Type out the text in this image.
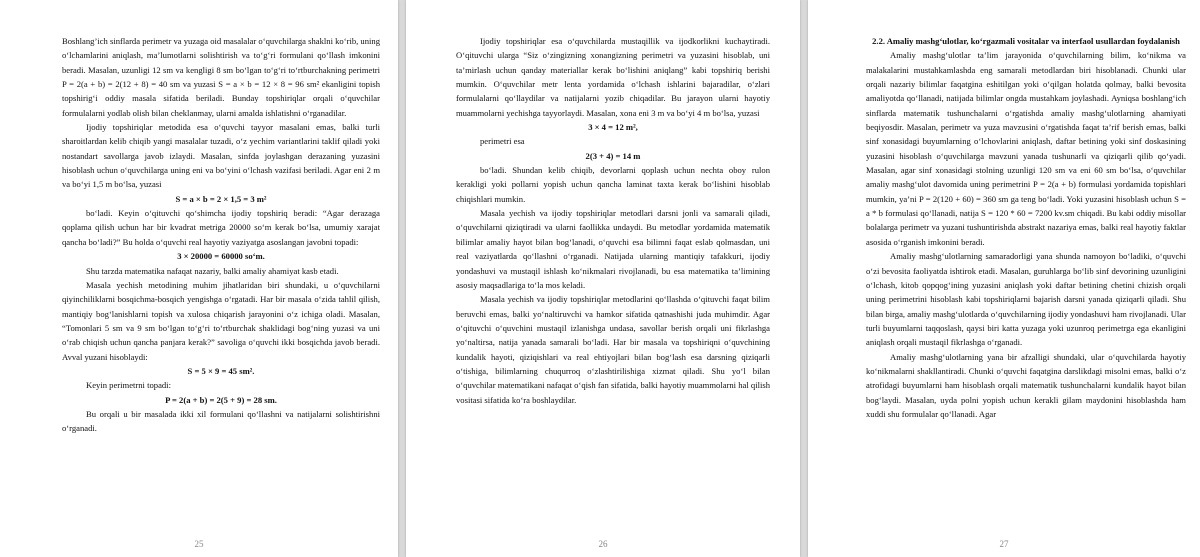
Boshlang’ich sinflarda perimetr va yuzaga oid masalalar o‘quvchilarga shaklni ko‘rib, uning o‘lchamlarini aniqlash, ma’lumotlarni solishtirish va to‘g‘ri formulani qo‘llash imkonini beradi. Masalan, uzunligi 12 sm va kengligi 8 sm bo‘lgan to‘g‘ri to‘rtburchakning perimetri P = 2(a + b) = 2(12 + 8) = 40 sm va yuzasi S = a × b = 12 × 8 = 96 sm² ekanligini topish topshirig‘i oddiy masala sifatida beriladi. Bunday topshiriqlar orqali o‘quvchilar formulalarni yodlab olish bilan cheklanmay, ularni amalda ishlatishni o‘rganadilar.

Ijodiy topshiriqlar metodida esa o‘quvchi tayyor masalani emas, balki turli sharoitlardan kelib chiqib yangi masalalar tuzadi, o‘z yechim variantlarini taklif qiladi yoki nostandart savollarga javob izlaydi. Masalan, sinfda joylashgan derazaning yuzasini hisoblash uchun o‘quvchilarga uning eni va bo‘yini o‘lchash vazifasi beriladi. Agar eni 2 m va bo‘yi 1,5 m bo‘lsa, yuzasi

S = a × b = 2 × 1,5 = 3 m²

bo‘ladi. Keyin o‘qituvchi qo‘shimcha ijodiy topshiriq beradi: “Agar derazaga qoplama qilish uchun har bir kvadrat metriga 20000 so‘m kerak bo‘lsa, umumiy xarajat qancha bo‘ladi?” Bu holda o‘quvchi real hayotiy vaziyatga asoslangan javobni topadi:

3 × 20000 = 60000 so‘m.

Shu tarzda matematika nafaqat nazariy, balki amaliy ahamiyat kasb etadi.

Masala yechish metodining muhim jihatlaridan biri shundaki, u o‘quvchilarni qiyinchiliklarni bosqichma-bosqich yengishga o‘rgatadi. Har bir masala o‘zida tahlil qilish, mantiqiy bog‘lanishlarni topish va xulosa chiqarish jarayonini o‘z ichiga oladi. Masalan, “Tomonlari 5 sm va 9 sm bo‘lgan to‘g‘ri to‘rtburchak shaklidagi bog‘ning yuzasi va uni o‘rab chiqish uchun qancha panjara kerak?” savoliga o‘quvchi ikki bosqichda javob beradi. Avval yuzani hisoblaydi:

S = 5 × 9 = 45 sm².

Keyin perimetrni topadi:

P = 2(a + b) = 2(5 + 9) = 28 sm.

Bu orqali u bir masalada ikki xil formulani qo‘llashni va natijalarni solishtirishni o‘rganadi.

25

Ijodiy topshiriqlar esa o‘quvchilarda mustaqillik va ijodkorlikni kuchaytiradi. O‘qituvchi ularga “Siz o‘zingizning xonangizning perimetri va yuzasini hisoblab, uni ta’mirlash uchun qanday materiallar kerak bo‘lishini aniqlang” kabi topshiriq berishi mumkin. O‘quvchilar metr lenta yordamida o‘lchash ishlarini bajaradilar, o‘zlari formulalarni qo‘llaydilar va natijalarni yozib chiqadilar. Bu jarayon ularni hayotiy muammolarni yechishga tayyorlaydi. Masalan, xona eni 3 m va bo‘yi 4 m bo‘lsa, yuzasi

3 × 4 = 12 m²,

perimetri esa

2(3 + 4) = 14 m

bo‘ladi. Shundan kelib chiqib, devorlarni qoplash uchun nechta oboy rulon kerakligi yoki pollarni yopish uchun qancha laminat taxta kerak bo‘lishini hisoblab chiqishlari mumkin.

Masala yechish va ijodiy topshiriqlar metodlari darsni jonli va samarali qiladi, o‘quvchilarni qiziqtiradi va ularni faollikka undaydi. Bu metodlar yordamida matematik bilimlar amaliy hayot bilan bog‘lanadi, o‘quvchi esa bilimni faqat eslab qolmasdan, uni real vaziyatlarda qo‘llashni o‘rganadi. Natijada ularning mantiqiy tafakkuri, ijodiy yondashuvi va mustaqil ishlash ko‘nikmalari rivojlanadi, bu esa matematika ta’limining asosiy maqsadlariga to‘la mos keladi.

Masala yechish va ijodiy topshiriqlar metodlarini qo‘llashda o‘qituvchi faqat bilim beruvchi emas, balki yo‘naltiruvchi va hamkor sifatida qatnashishi juda muhimdir. Agar o‘qituvchi o‘quvchini mustaqil izlanishga undasa, savollar berish orqali uni fikrlashga yo‘naltirsa, natija yanada samarali bo‘ladi. Har bir masala va topshiriqni o‘quvchining kundalik hayoti, qiziqishlari va real ehtiyojlari bilan bog‘lash esa darsning qiziqarli o‘tishiga, bilimlarning chuqurroq o‘zlashtirilishiga xizmat qiladi. Shu yo‘l bilan o‘quvchilar matematikani nafaqat o‘qish fan sifatida, balki hayotiy muammolarni hal qilish vositasi sifatida ko‘ra boshlaydilar.

26

2.2. Amaliy mashg‘ulotlar, ko‘rgazmali vositalar va interfaol usullardan foydalanish

Amaliy mashg‘ulotlar ta’lim jarayonida o‘quvchilarning bilim, ko‘nikma va malakalarini mustahkamlashda eng samarali metodlardan biri hisoblanadi. Chunki ular orqali nazariy bilimlar faqatgina eshitilgan yoki o‘qilgan holatda qolmay, balki bevosita amaliyotda qo‘llanadi, natijada bilimlar ongda mustahkam joylashadi. Ayniqsa boshlang‘ich sinflarda matematik tushunchalarni o‘rgatishda amaliy mashg‘ulotlarning ahamiyati beqiyosdir. Masalan, perimetr va yuza mavzusini o‘rgatishda faqat ta’rif berish emas, balki sinf xonasidagi buyumlarning o‘lchovlarini aniqlash, daftar betining yoki sinf doskasining yuzasini hisoblash o‘quvchilarga mavzuni yanada tushunarli va qiziqarli qilib qo‘yadi. Masalan, agar sinf xonasidagi stolning uzunligi 120 sm va eni 60 sm bo‘lsa, o‘quvchilar amaliy mashg‘ulot davomida uning perimetrini P = 2(a + b) formulasi yordamida topishlari mumkin, ya’ni P = 2(120 + 60) = 360 sm ga teng bo‘ladi. Yoki yuzasini hisoblash uchun S = a * b formulasi qo‘llanadi, natija S = 120 * 60 = 7200 kv.sm chiqadi. Bu kabi oddiy misollar bolalarga perimetr va yuzani tushuntirishda abstrakt nazariya emas, balki real hayotiy faktlar asosida o‘rganish imkonini beradi.

Amaliy mashg‘ulotlarning samaradorligi yana shunda namoyon bo‘ladiki, o‘quvchi o‘zi bevosita faoliyatda ishtirok etadi. Masalan, guruhlarga bo‘lib sinf devorining uzunligini o‘lchash, kitob qopqog‘ining yuzasini aniqlash yoki daftar betining chetini chizish orqali uning perimetrini hisoblash kabi topshiriqlarni bajarish darsni yanada qiziqarli qiladi. Shu bilan birga, amaliy mashg‘ulotlarda o‘quvchilarning ijodiy yondashuvi ham rivojlanadi. Ular turli buyumlarni taqqoslash, qaysi biri katta yuzaga yoki uzunroq perimetrga ega ekanligini aniqlash orqali mustaqil fikrlashga o‘rganadi.

Amaliy mashg‘ulotlarning yana bir afzalligi shundaki, ular o‘quvchilarda hayotiy ko‘nikmalarni shakllantiradi. Chunki o‘quvchi faqatgina darslikdagi misolni emas, balki o‘z atrofidagi buyumlarni ham hisoblash orqali matematik tushunchalarni kundalik hayot bilan bog‘laydi. Masalan, uyda polni yopish uchun kerakli gilam maydonini hisoblashda ham xuddi shu formulalar qo‘llanadi. Agar

27
